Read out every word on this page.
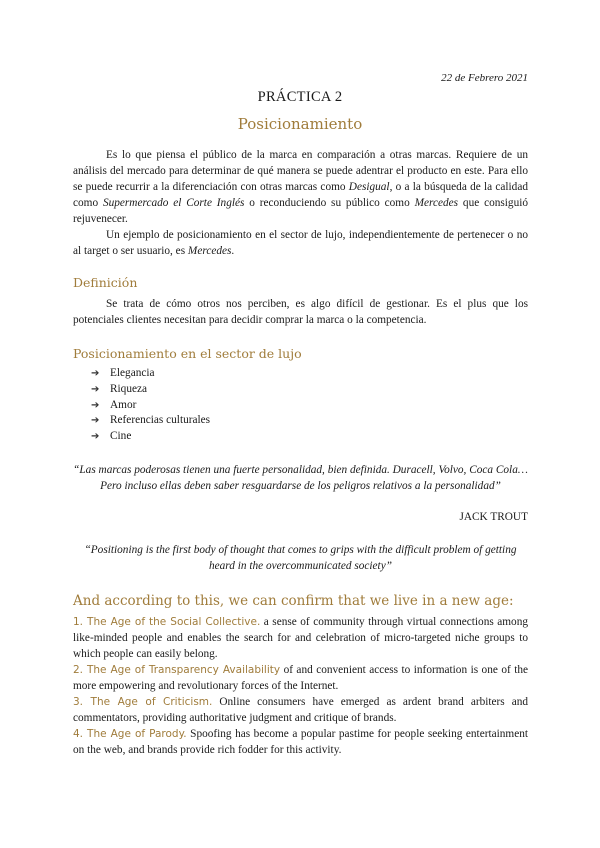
22 de Febrero 2021
PRÁCTICA 2
Posicionamiento

Es lo que piensa el público de la marca en comparación a otras marcas. Requiere de un análisis del mercado para determinar de qué manera se puede adentrar el producto en este. Para ello se puede recurrir a la diferenciación con otras marcas como Desigual, o a la búsqueda de la calidad como Supermercado el Corte Inglés o reconduciendo su público como Mercedes que consiguió rejuvenecer.

Un ejemplo de posicionamiento en el sector de lujo, independientemente de pertenecer o no al target o ser usuario, es Mercedes.

Definición

Se trata de cómo otros nos perciben, es algo difícil de gestionar. Es el plus que los potenciales clientes necesitan para decidir comprar la marca o la competencia.

Posicionamiento en el sector de lujo
➔ Elegancia
➔ Riqueza
➔ Amor
➔ Referencias culturales
➔ Cine
“Las marcas poderosas tienen una fuerte personalidad, bien definida. Duracell, Volvo, Coca Cola…Pero incluso ellas deben saber resguardarse de los peligros relativos a la personalidad”
JACK TROUT
“Positioning is the first body of thought that comes to grips with the difficult problem of getting heard in the overcommunicated society”
And according to this, we can confirm that we live in a new age:

1. The Age of the Social Collective. a sense of community through virtual connections among like-minded people and enables the search for and celebration of micro-targeted niche groups to which people can easily belong.

2. The Age of Transparency Availability of and convenient access to information is one of the more empowering and revolutionary forces of the Internet.

3. The Age of Criticism. Online consumers have emerged as ardent brand arbiters and commentators, providing authoritative judgment and critique of brands.

4. The Age of Parody. Spoofing has become a popular pastime for people seeking entertainment on the web, and brands provide rich fodder for this activity.
